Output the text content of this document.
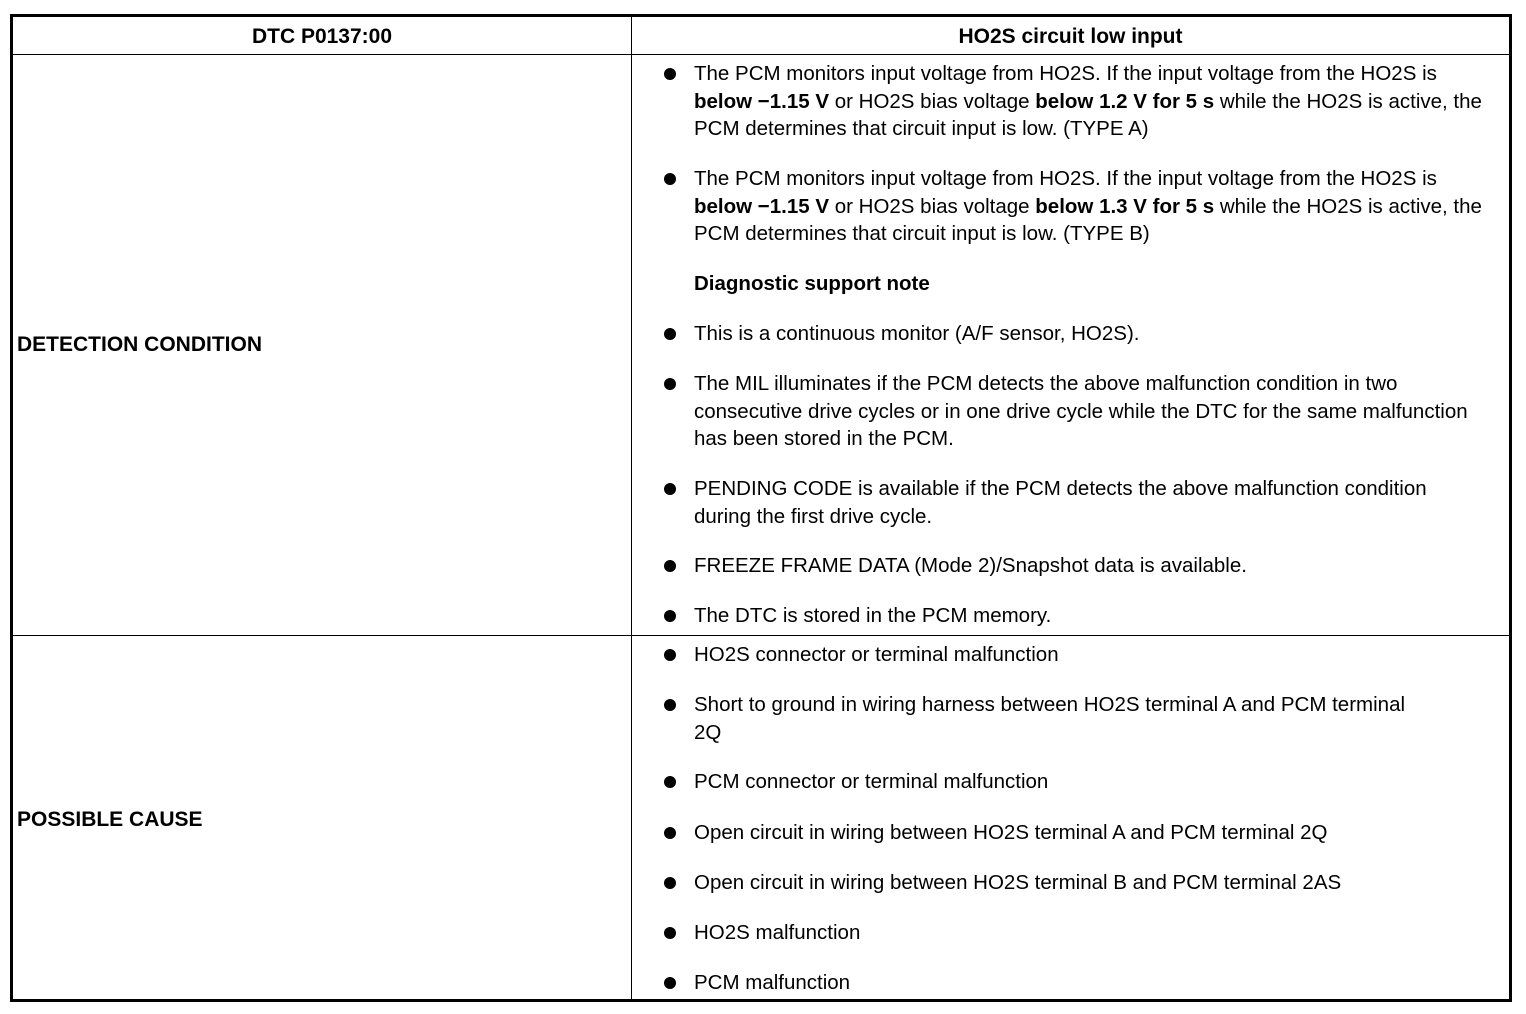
DTC P0137:00	HO2S circuit low input
DETECTION CONDITION
POSSIBLE CAUSE
The PCM monitors input voltage from HO2S. If the input voltage from the HO2S is below −1.15 V or HO2S bias voltage below 1.2 V for 5 s while the HO2S is active, the PCM determines that circuit input is low. (TYPE A)
The PCM monitors input voltage from HO2S. If the input voltage from the HO2S is below −1.15 V or HO2S bias voltage below 1.3 V for 5 s while the HO2S is active, the PCM determines that circuit input is low. (TYPE B)
Diagnostic support note
This is a continuous monitor (A/F sensor, HO2S).
The MIL illuminates if the PCM detects the above malfunction condition in two consecutive drive cycles or in one drive cycle while the DTC for the same malfunction has been stored in the PCM.
PENDING CODE is available if the PCM detects the above malfunction condition during the first drive cycle.
FREEZE FRAME DATA (Mode 2)/Snapshot data is available.
The DTC is stored in the PCM memory.
HO2S connector or terminal malfunction
Short to ground in wiring harness between HO2S terminal A and PCM terminal 2Q
PCM connector or terminal malfunction
Open circuit in wiring between HO2S terminal A and PCM terminal 2Q
Open circuit in wiring between HO2S terminal B and PCM terminal 2AS
HO2S malfunction
PCM malfunction
